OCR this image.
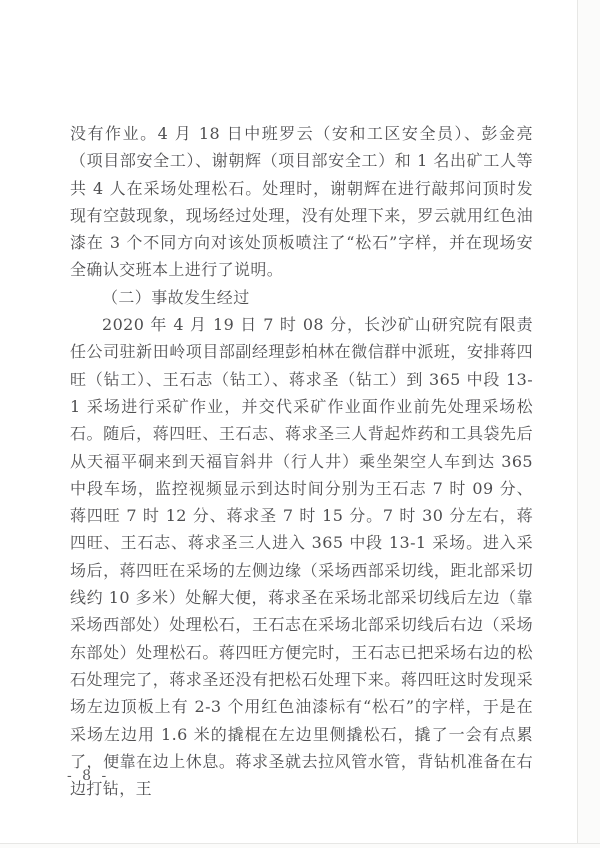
没有作业。4 月 18 日中班罗云（安和工区安全员）、彭金亮（项目部安全工）、谢朝辉（项目部安全工）和 1 名出矿工人等共 4 人在采场处理松石。处理时，谢朝辉在进行敲邦问顶时发现有空鼓现象，现场经过处理，没有处理下来，罗云就用红色油漆在 3 个不同方向对该处顶板喷注了“松石”字样，并在现场安全确认交班本上进行了说明。

（二）事故发生经过

2020 年 4 月 19 日 7 时 08 分，长沙矿山研究院有限责任公司驻新田岭项目部副经理彭柏林在微信群中派班，安排蒋四旺（钻工）、王石志（钻工）、蒋求圣（钻工）到 365 中段 13-1 采场进行采矿作业，并交代采矿作业面作业前先处理采场松石。随后，蒋四旺、王石志、蒋求圣三人背起炸药和工具袋先后从天福平硐来到天福盲斜井（行人井）乘坐架空人车到达 365 中段车场，监控视频显示到达时间分别为王石志 7 时 09 分、蒋四旺 7 时 12 分、蒋求圣 7 时 15 分。7 时 30 分左右，蒋四旺、王石志、蒋求圣三人进入 365 中段 13-1 采场。进入采场后，蒋四旺在采场的左侧边缘（采场西部采切线，距北部采切线约 10 多米）处解大便，蒋求圣在采场北部采切线后左边（靠采场西部处）处理松石，王石志在采场北部采切线后右边（采场东部处）处理松石。蒋四旺方便完时，王石志已把采场右边的松石处理完了，蒋求圣还没有把松石处理下来。蒋四旺这时发现采场左边顶板上有 2-3 个用红色油漆标有“松石”的字样，于是在采场左边用 1.6 米的撬棍在左边里侧撬松石，撬了一会有点累了，便靠在边上休息。蒋求圣就去拉风管水管，背钻机准备在右边打钻，王

- 8 -
